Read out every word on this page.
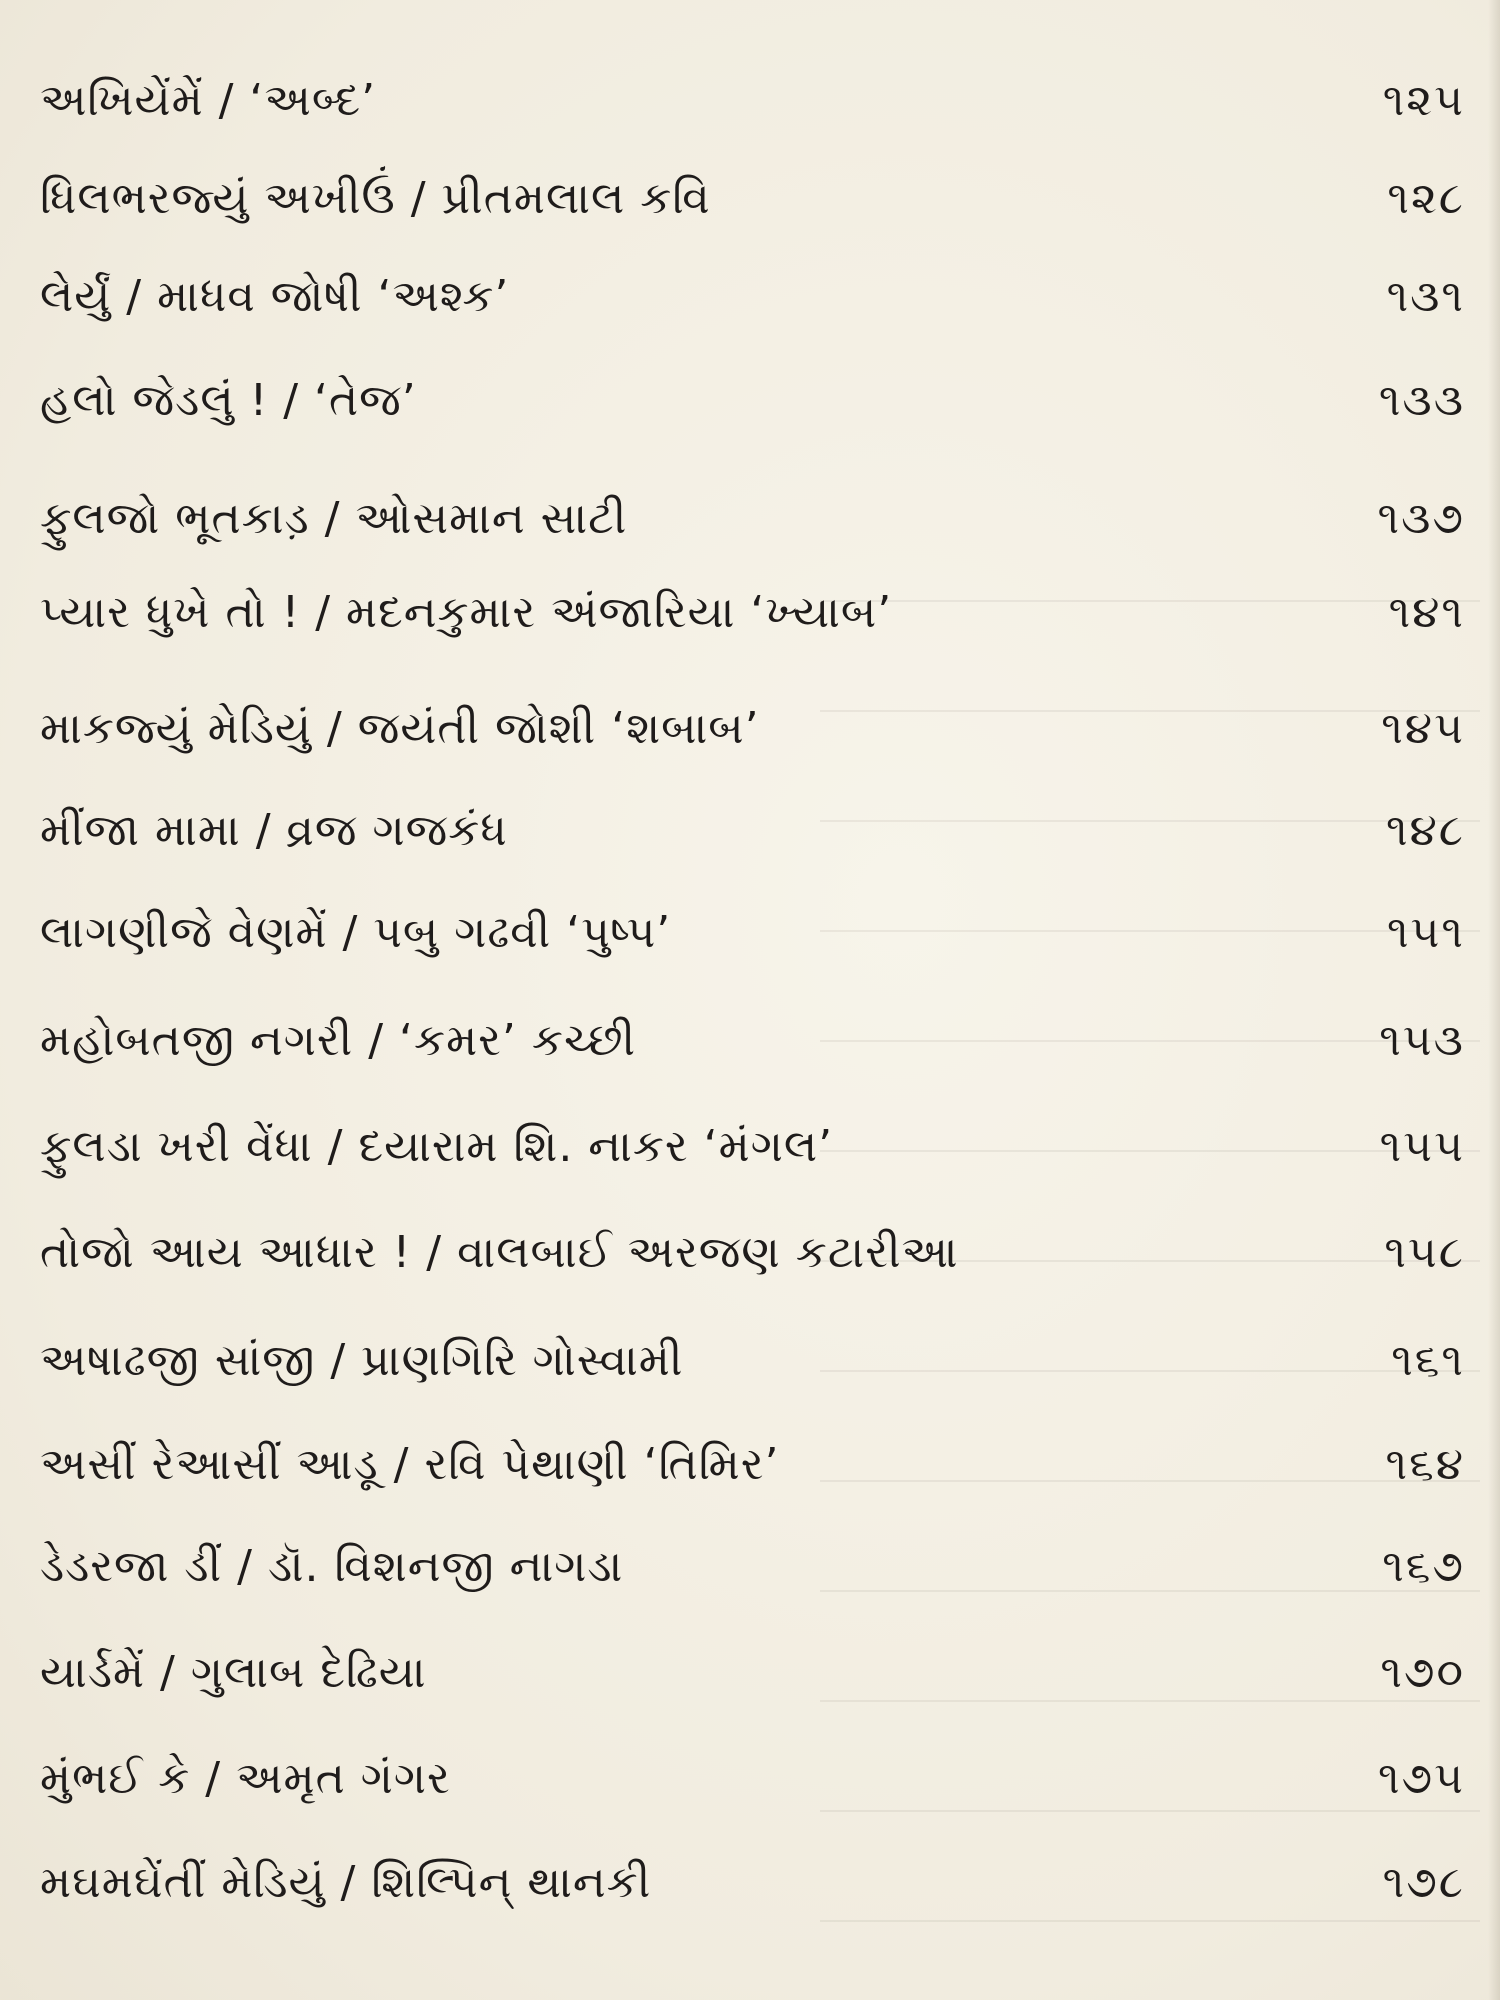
અખિયેંમેં / ‘અબ્દ’	૧૨૫
ધિલભરજ્યું અખીઉં / પ્રીતમલાલ કવિ	૧૨૮
લેર્યું / માધવ જોષી ‘અશ્ક’	૧૩૧
હલો જેડલું ! / ‘તેજ’	૧૩૩
ફુલજો ભૂતકાડ઼ / ઓસમાન સાટી	૧૩૭
પ્યાર ધુખે તો ! / મદનકુમાર અંજારિયા ‘ખ્યાબ’	૧૪૧
માકજ્યું મેડિયું / જયંતી જોશી ‘શબાબ’	૧૪૫
મીંજા મામા / વ્રજ ગજકંધ	૧૪૮
લાગણીજે વેણમેં / પબુ ગઢવી ‘પુષ્પ’	૧૫૧
મહોબતજી નગરી / ‘કમર’ કચ્છી	૧૫૩
ફુલડા ખરી વેંધા / દયારામ શિ. નાકર ‘મંગલ’	૧૫૫
તોજો આય આધાર ! / વાલબાઈ અરજણ કટારીઆ	૧૫૮
અષાઢજી સાંજી / પ્રાણગિરિ ગોસ્વામી	૧૬૧
અસીં રેઆસીં આડૂ / રવિ પેથાણી ‘તિમિર’	૧૬૪
ડેડરજા ડીં / ડૉ. વિશનજી નાગડા	૧૬૭
યાર્ડમેં / ગુલાબ દેઢિયા	૧૭૦
મુંભઈ કે / અમૃત ગંગર	૧૭૫
મઘમઘેંતીં મેડિયું / શિલ્પિન્ થાનકી	૧૭૮
